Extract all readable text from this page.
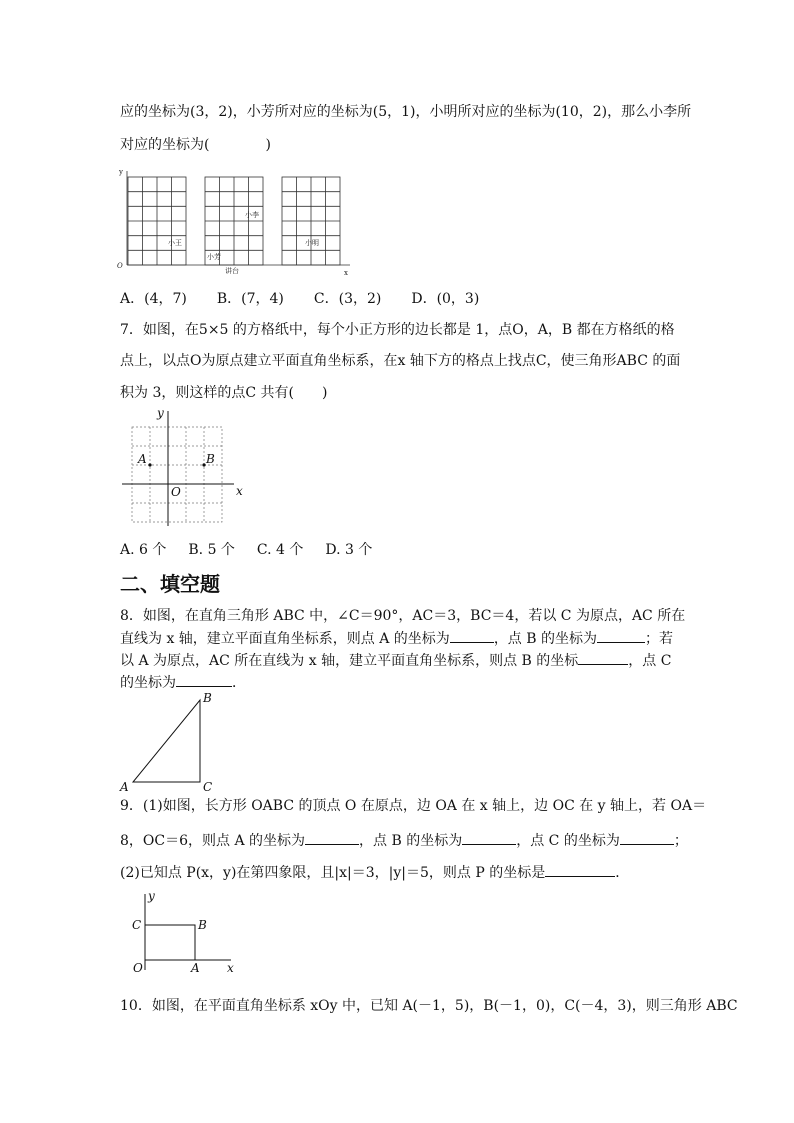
应的坐标为(3，2)，小芳所对应的坐标为(5，1)，小明所对应的坐标为(10，2)，那么小李所
对应的坐标为(　　　　)
y
x
O
小王
小芳
讲台
小李
小明
A．(4，7) B．(7，4) C．(3，2) D．(0，3)
7．如图，在5×5 的方格纸中，每个小正方形的边长都是 1，点O，A，B 都在方格纸的格
点上，以点O为原点建立平面直角坐标系，在x 轴下方的格点上找点C，使三角形ABC 的面
积为 3，则这样的点C 共有(　　)
y
x
O
A	B
A. 6 个 B. 5 个 C. 4 个 D. 3 个
二、填空题
8．如图，在直角三角形 ABC 中，∠C＝90°，AC＝3，BC＝4，若以 C 为原点，AC 所在
直线为 x 轴，建立平面直角坐标系，则点 A 的坐标为	，点 B 的坐标为	；若
以 A 为原点，AC 所在直线为 x 轴，建立平面直角坐标系，则点 B 的坐标	，点 C
的坐标为	．
A
B
C
9．(1)如图，长方形 OABC 的顶点 O 在原点，边 OA 在 x 轴上，边 OC 在 y 轴上，若 OA＝
8，OC＝6，则点 A 的坐标为	，点 B 的坐标为	，点 C 的坐标为	；
(2)已知点 P(x，y)在第四象限，且|x|＝3，|y|＝5，则点 P 的坐标是	．
y
x
O	A
B
C
10．如图，在平面直角坐标系 xOy 中，已知 A(－1，5)，B(－1，0)，C(－4，3)，则三角形 ABC
